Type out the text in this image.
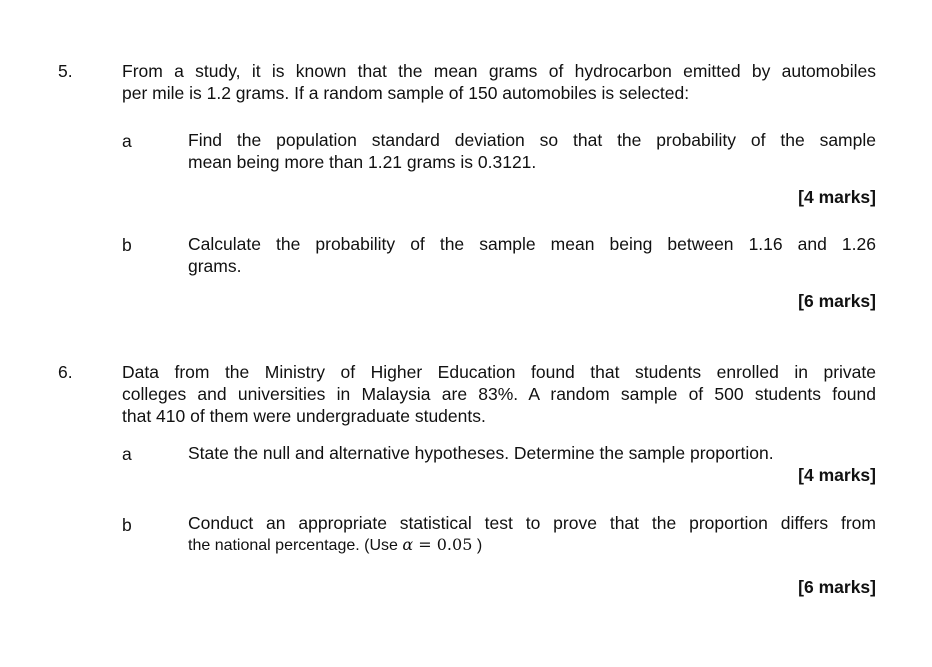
5.	From a study, it is known that the mean grams of hydrocarbon emitted by automobiles
per mile is 1.2 grams. If a random sample of 150 automobiles is selected:
a	Find the population standard deviation so that the probability of the sample
mean being more than 1.21 grams is 0.3121.
[4 marks]
b	Calculate the probability of the sample mean being between 1.16 and 1.26
grams.
[6 marks]
6.	Data from the Ministry of Higher Education found that students enrolled in private
colleges and universities in Malaysia are 83%. A random sample of 500 students found
that 410 of them were undergraduate students.
a	State the null and alternative hypotheses. Determine the sample proportion.
[4 marks]
b	Conduct an appropriate statistical test to prove that the proportion differs from
the national percentage. (Use α = 0.05 )
[6 marks]
